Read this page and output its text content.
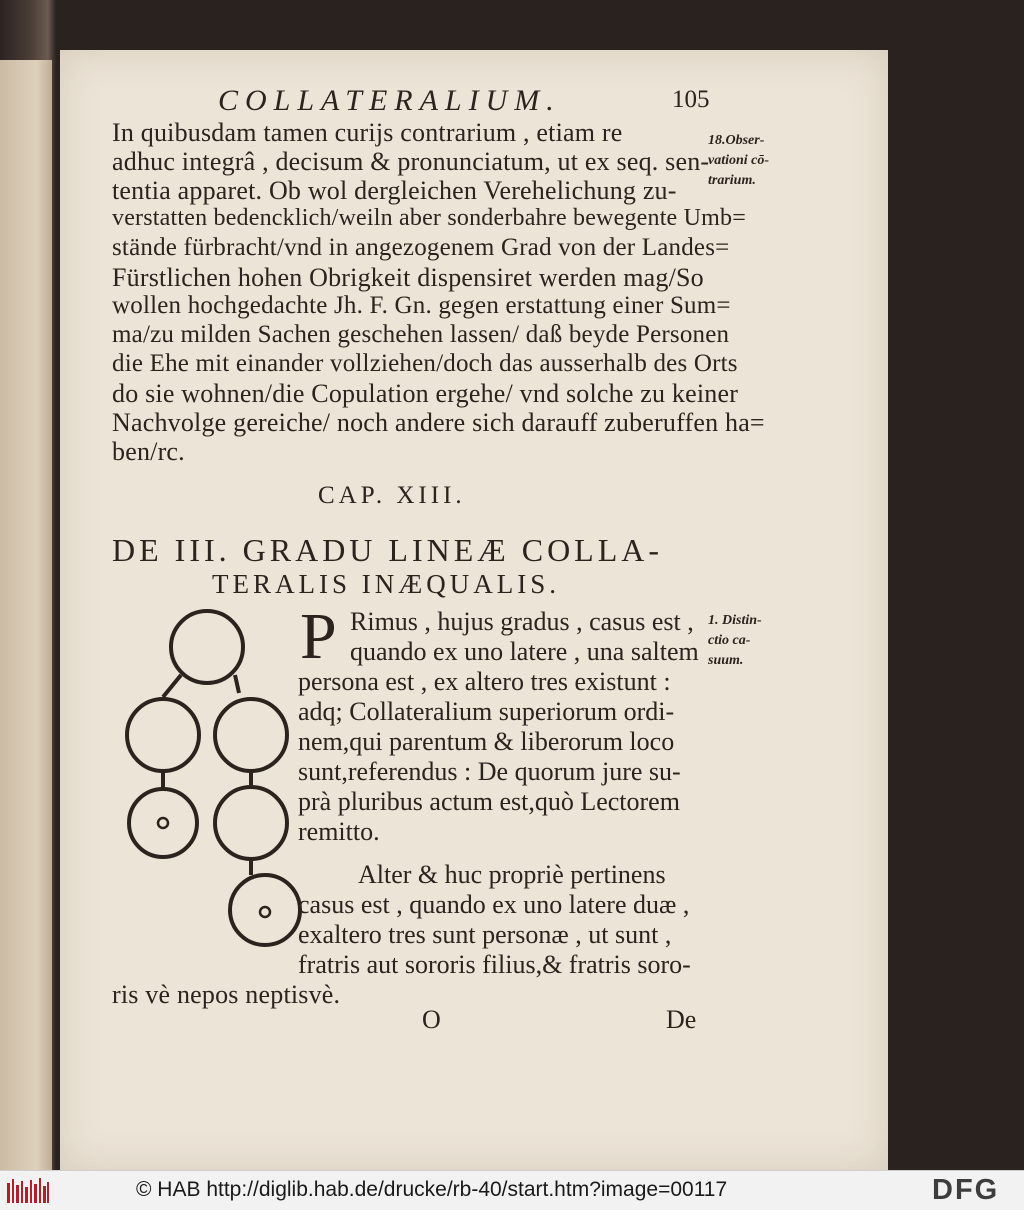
COLLATERALIUM.	105
In quibusdam tamen curijs contrarium , etiam re
adhuc integrâ , decisum & pronunciatum, ut ex seq. sen-
tentia apparet. Ob wol dergleichen Verehelichung zu-
verstatten bedencklich/weiln aber sonderbahre bewegente Umb=
stände fürbracht/vnd in angezogenem Grad von der Landes=
Fürstlichen hohen Obrigkeit dispensiret werden mag/So
wollen hochgedachte Jh. F. Gn. gegen erstattung einer Sum=
ma/zu milden Sachen geschehen lassen/ daß beyde Personen
die Ehe mit einander vollziehen/doch das ausserhalb des Orts
do sie wohnen/die Copulation ergehe/ vnd solche zu keiner
Nachvolge gereiche/ noch andere sich darauff zuberuffen ha=
ben/rc.
18.Obser-
vationi cō-
trarium.
CAP. XIII.
DE III. GRADU LINEÆ COLLA-
TERALIS INÆQUALIS.
P Rimus , hujus gradus , casus est ,
quando ex uno latere , una saltem
persona est , ex altero tres existunt :
adq; Collateralium superiorum ordi-
nem,qui parentum & liberorum loco
sunt,referendus : De quorum jure su-
prà pluribus actum est,quò Lectorem
remitto.
1. Distin-
ctio ca-
suum.
Alter & huc propriè pertinens
casus est , quando ex uno latere duæ ,
exaltero tres sunt personæ , ut sunt ,
fratris aut sororis filius,& fratris soro-
ris vè nepos neptisvè.
O	De
© HAB http://diglib.hab.de/drucke/rb-40/start.htm?image=00117	DFG
